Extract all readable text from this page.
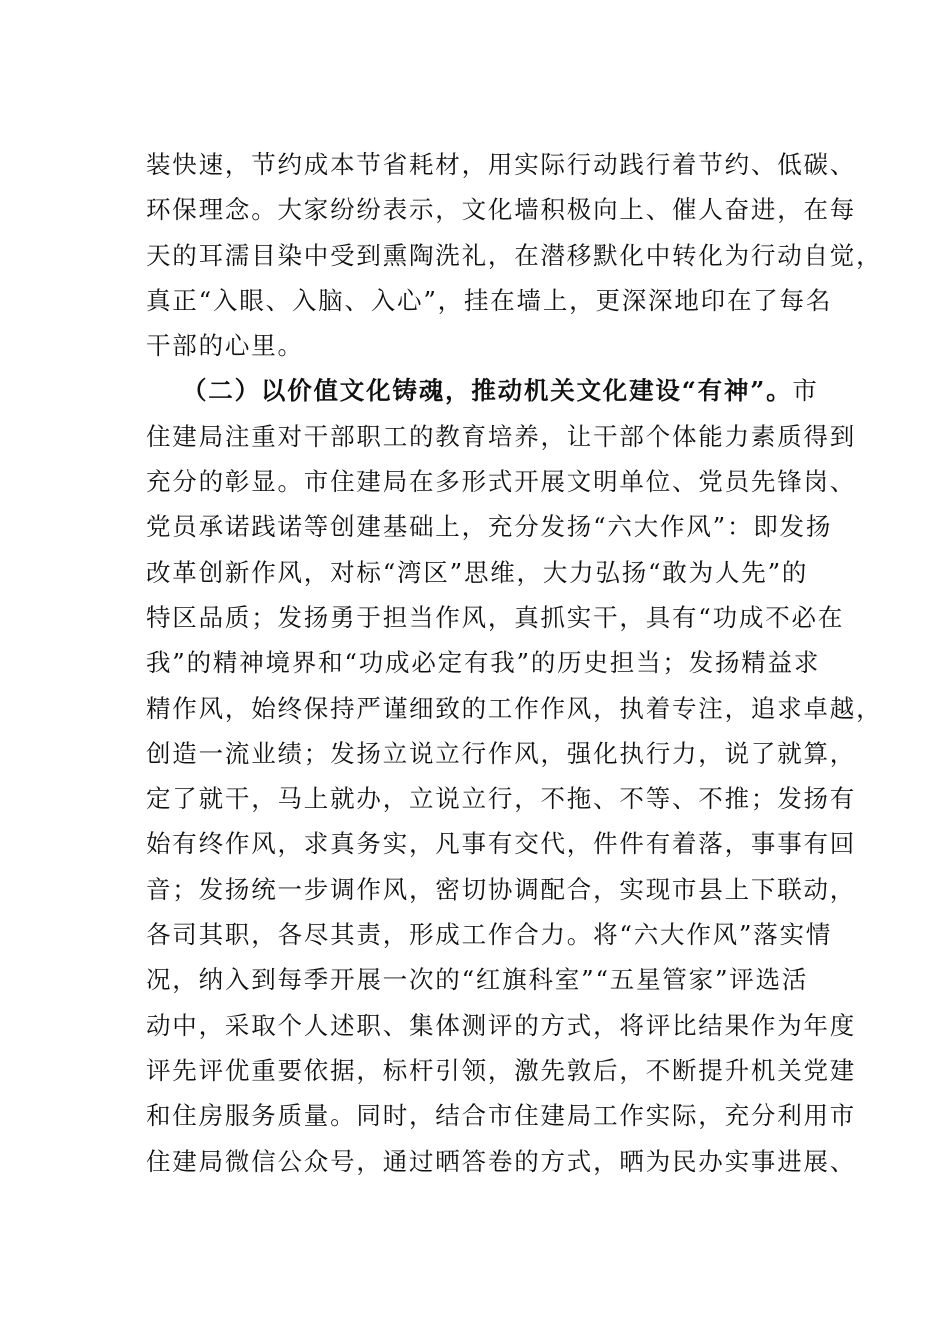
装快速，节约成本节省耗材，用实际行动践行着节约、低碳、
环保理念。大家纷纷表示，文化墙积极向上、催人奋进，在每
天的耳濡目染中受到熏陶洗礼，在潜移默化中转化为行动自觉，
真正“入眼、入脑、入心”，挂在墙上，更深深地印在了每名
干部的心里。
（二）以价值文化铸魂，推动机关文化建设“有神”。市
住建局注重对干部职工的教育培养，让干部个体能力素质得到
充分的彰显。市住建局在多形式开展文明单位、党员先锋岗、
党员承诺践诺等创建基础上，充分发扬“六大作风”：即发扬
改革创新作风，对标“湾区”思维，大力弘扬“敢为人先”的
特区品质；发扬勇于担当作风，真抓实干，具有“功成不必在
我”的精神境界和“功成必定有我”的历史担当；发扬精益求
精作风，始终保持严谨细致的工作作风，执着专注，追求卓越，
创造一流业绩；发扬立说立行作风，强化执行力，说了就算，
定了就干，马上就办，立说立行，不拖、不等、不推；发扬有
始有终作风，求真务实，凡事有交代，件件有着落，事事有回
音；发扬统一步调作风，密切协调配合，实现市县上下联动，
各司其职，各尽其责，形成工作合力。将“六大作风”落实情
况，纳入到每季开展一次的“红旗科室”“五星管家”评选活
动中，采取个人述职、集体测评的方式，将评比结果作为年度
评先评优重要依据，标杆引领，激先敦后，不断提升机关党建
和住房服务质量。同时，结合市住建局工作实际，充分利用市
住建局微信公众号，通过晒答卷的方式，晒为民办实事进展、
